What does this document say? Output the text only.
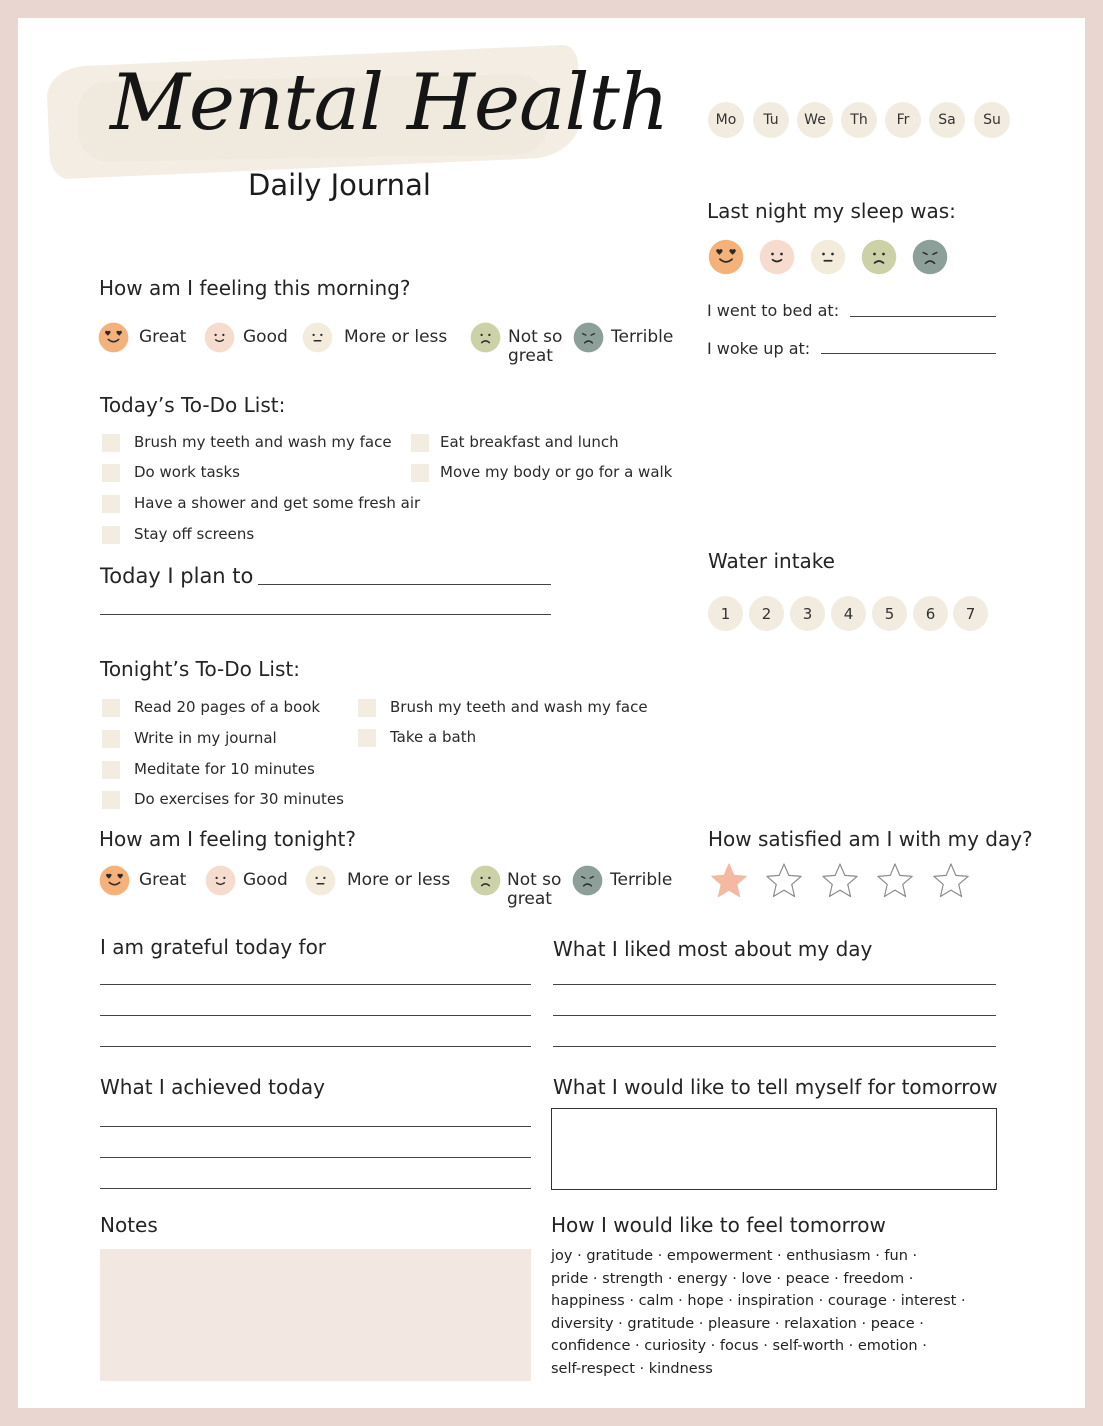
Mental Health
Daily Journal
Last night my sleep was:
I went to bed at:
I woke up at:
How am I feeling this morning?
Today’s To-Do List:
Today I plan to
Water intake
Tonight’s To-Do List:
How am I feeling tonight?	How satisfied am I with my day?
I am grateful today for	What I liked most about my day
What I achieved today	What I would like to tell myself for tomorrow
Notes	How I would like to feel tomorrow
joy · gratitude · empowerment · enthusiasm · fun ·
pride · strength · energy · love · peace · freedom ·
happiness · calm · hope · inspiration · courage · interest ·
diversity · gratitude · pleasure · relaxation · peace ·
confidence · curiosity · focus · self-worth · emotion ·
self-respect · kindness
Mo	Tu	We	Th	Fr	Sa	Su
Great	Good	More or less	Not so
great
Terrible
Great	Good	More or less	Not so
great
Terrible
Brush my teeth and wash my face
Do work tasks
Have a shower and get some fresh air
Stay off screens
Eat breakfast and lunch
Move my body or go for a walk
Read 20 pages of a book
Write in my journal
Meditate for 10 minutes
Do exercises for 30 minutes
Brush my teeth and wash my face
Take a bath
1	2	3	4	5	6	7
